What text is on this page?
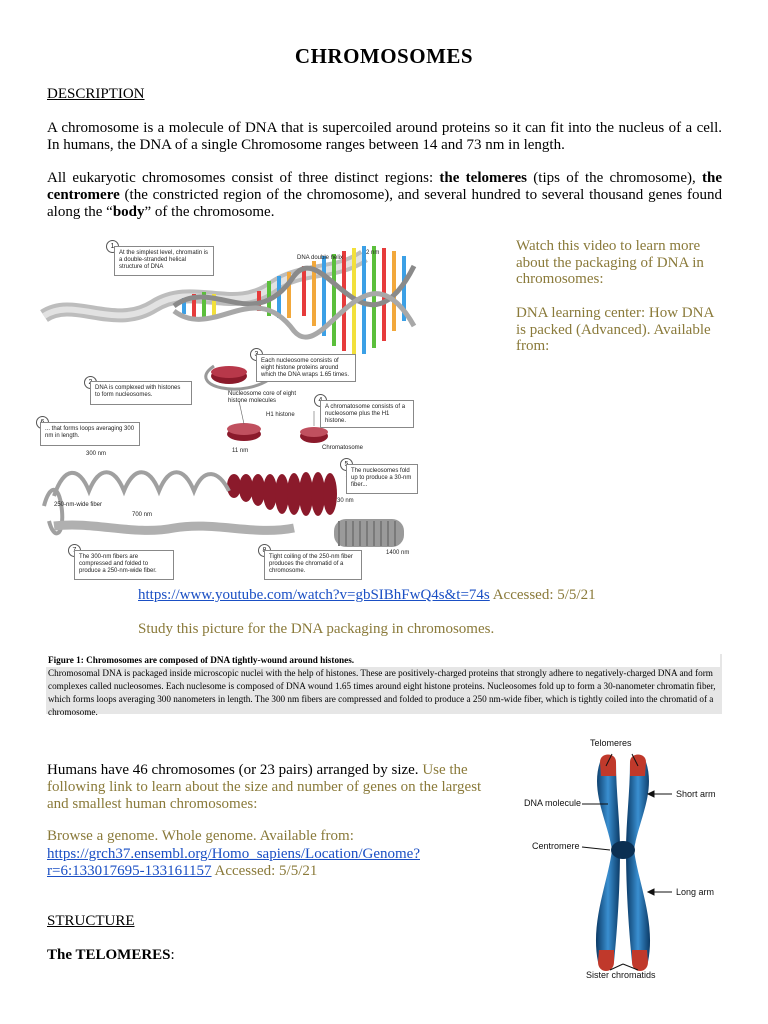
CHROMOSOMES
DESCRIPTION
A chromosome is a molecule of DNA that is supercoiled around proteins so it can fit into the nucleus of a cell. In humans, the DNA of a single Chromosome ranges between 14 and 73 nm in length.
All eukaryotic chromosomes consist of three distinct regions: the telomeres (tips of the chromosome), the centromere (the constricted region of the chromosome), and several hundred to several thousand genes found along the “body” of the chromosome.
1
At the simplest level, chromatin is a double-stranded helical structure of DNA
DNA double helix
2 nm
Each nucleosome consists of eight histone proteins around which the DNA wraps 1.65 times.
DNA is complexed with histones to form nucleosomes.	Nucleosome core of eight histone molecules
H1 histone
A chromatosome consists of a nucleosome plus the H1 histone.
... that forms loops averaging 300 nm in length.
11 nm	Chromatosome
300 nm
The nucleosomes fold up to produce a 30-nm fiber...
30 nm
250-nm-wide fiber
700 nm
1400 nm
The 300-nm fibers are compressed and folded to produce a 250-nm-wide fiber.
Tight coiling of the 250-nm fiber produces the chromatid of a chromosome.
Watch this video to learn more about the packaging of DNA in chromosomes:
DNA learning center: How DNA is packed (Advanced). Available from:
https://www.youtube.com/watch?v=gbSIBhFwQ4s&t=74s Accessed: 5/5/21
Study this picture for the DNA packaging in chromosomes.
Figure 1: Chromosomes are composed of DNA tightly-wound around histones.
Chromosomal DNA is packaged inside microscopic nuclei with the help of histones. These are positively-charged proteins that strongly adhere to negatively-charged DNA and form complexes called nucleosomes. Each nuclesome is composed of DNA wound 1.65 times around eight histone proteins. Nucleosomes fold up to form a 30-nanometer chromatin fiber, which forms loops averaging 300 nanometers in length. The 300 nm fibers are compressed and folded to produce a 250 nm-wide fiber, which is tightly coiled into the chromatid of a chromosome.
Humans have 46 chromosomes (or 23 pairs) arranged by size. Use the following link to learn about the size and number of genes on the largest and smallest human chromosomes:
Browse a genome. Whole genome. Available from:
https://grch37.ensembl.org/Homo_sapiens/Location/Genome?
r=6:133017695-133161157 Accessed: 5/5/21
Telomeres
DNA molecule
Short arm
Centromere
Long arm
Sister chromatids
STRUCTURE
The TELOMERES:
